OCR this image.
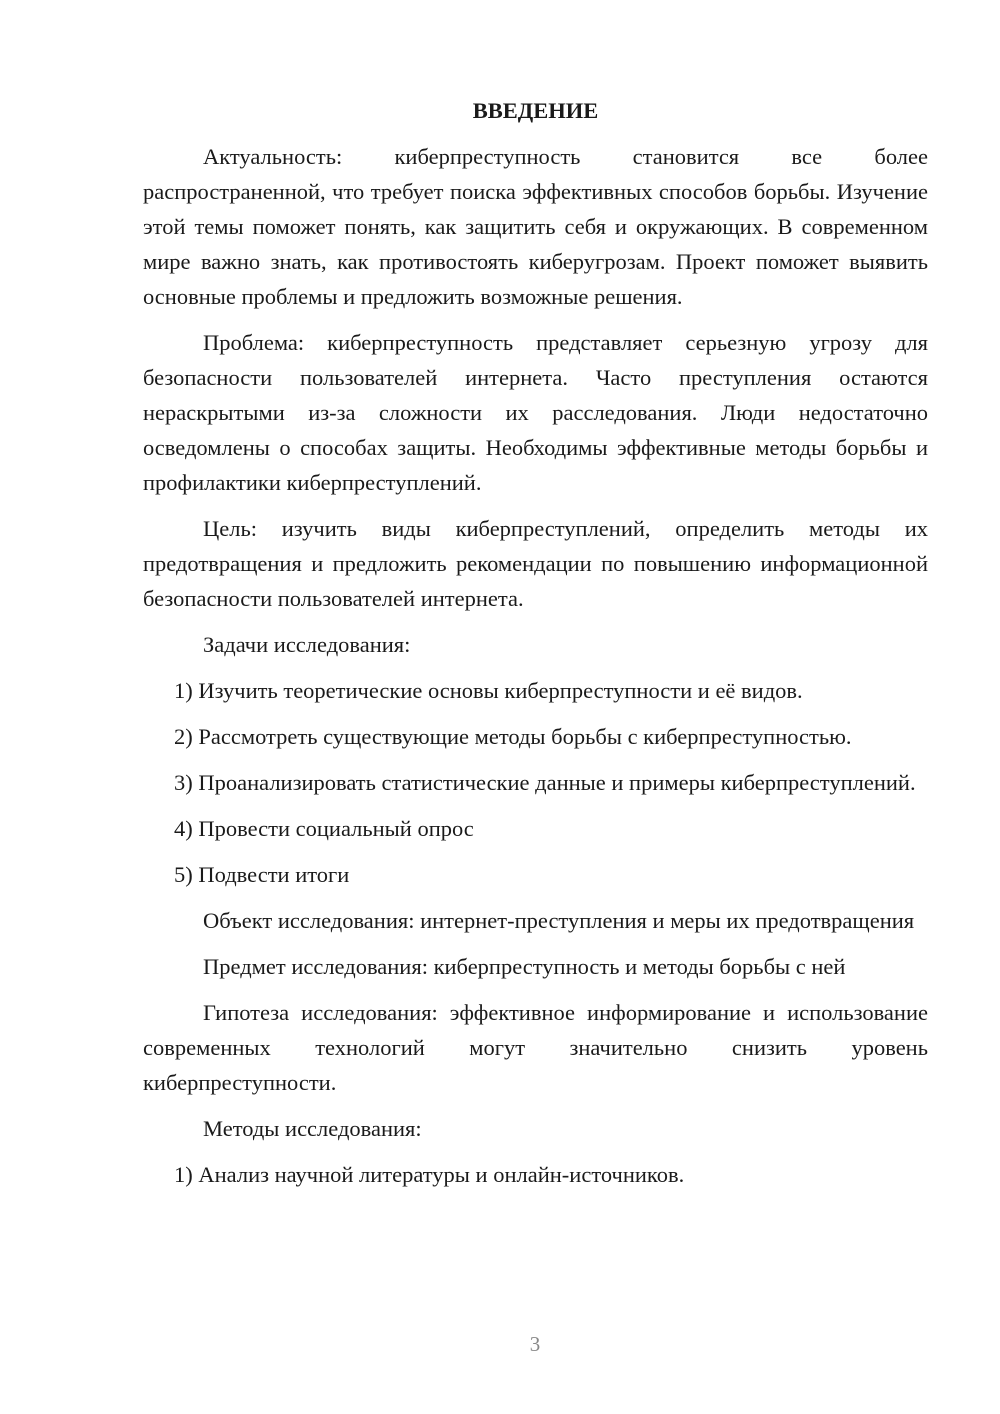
ВВЕДЕНИЕ

Актуальность: киберпреступность становится все более распространенной, что требует поиска эффективных способов борьбы. Изучение этой темы поможет понять, как защитить себя и окружающих. В современном мире важно знать, как противостоять киберугрозам. Проект поможет выявить основные проблемы и предложить возможные решения.

Проблема: киберпреступность представляет серьезную угрозу для безопасности пользователей интернета. Часто преступления остаются нераскрытыми из-за сложности их расследования. Люди недостаточно осведомлены о способах защиты. Необходимы эффективные методы борьбы и профилактики киберпреступлений.

Цель: изучить виды киберпреступлений, определить методы их предотвращения и предложить рекомендации по повышению информационной безопасности пользователей интернета.

Задачи исследования:

1) Изучить теоретические основы киберпреступности и её видов.

2) Рассмотреть существующие методы борьбы с киберпреступностью.

3) Проанализировать статистические данные и примеры киберпреступлений.

4) Провести социальный опрос

5) Подвести итоги

Объект исследования: интернет-преступления и меры их предотвращения

Предмет исследования: киберпреступность и методы борьбы с ней

Гипотеза исследования: эффективное информирование и использование современных технологий могут значительно снизить уровень киберпреступности.

Методы исследования:

1) Анализ научной литературы и онлайн-источников.

3
